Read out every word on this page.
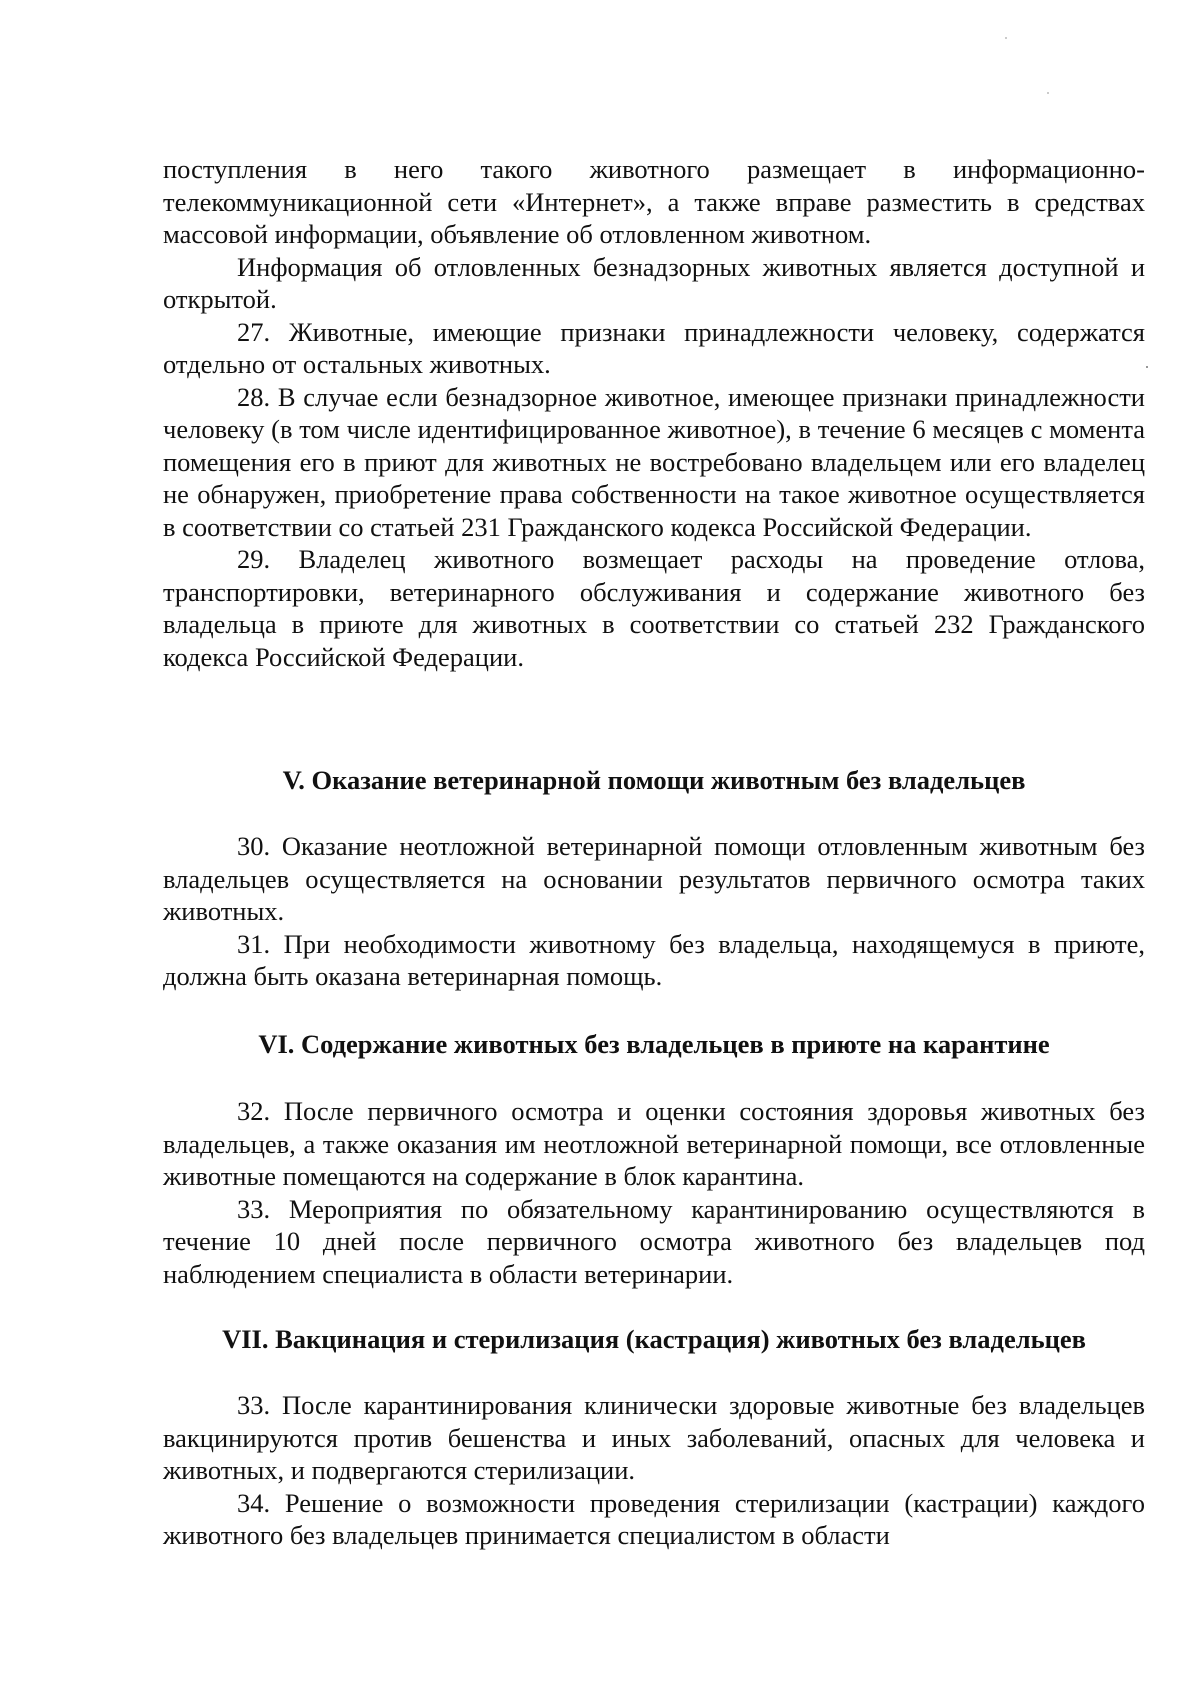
поступления в него такого животного размещает в информационно-телекоммуникационной сети «Интернет», а также вправе разместить в средствах массовой информации, объявление об отловленном животном.

Информация об отловленных безнадзорных животных является доступной и открытой.

27. Животные, имеющие признаки принадлежности человеку, содержатся отдельно от остальных животных.

28. В случае если безнадзорное животное, имеющее признаки принадлежности человеку (в том числе идентифицированное животное), в течение 6 месяцев с момента помещения его в приют для животных не востребовано владельцем или его владелец не обнаружен, приобретение права собственности на такое животное осуществляется в соответствии со статьей 231 Гражданского кодекса Российской Федерации.

29. Владелец животного возмещает расходы на проведение отлова, транспортировки, ветеринарного обслуживания и содержание животного без владельца в приюте для животных в соответствии со статьей 232 Гражданского кодекса Российской Федерации.

V. Оказание ветеринарной помощи животным без владельцев

30. Оказание неотложной ветеринарной помощи отловленным животным без владельцев осуществляется на основании результатов первичного осмотра таких животных.

31. При необходимости животному без владельца, находящемуся в приюте, должна быть оказана ветеринарная помощь.

VI. Содержание животных без владельцев в приюте на карантине

32. После первичного осмотра и оценки состояния здоровья животных без владельцев, а также оказания им неотложной ветеринарной помощи, все отловленные животные помещаются на содержание в блок карантина.

33. Мероприятия по обязательному карантинированию осуществляются в течение 10 дней после первичного осмотра животного без владельцев под наблюдением специалиста в области ветеринарии.

VII. Вакцинация и стерилизация (кастрация) животных без владельцев

33. После карантинирования клинически здоровые животные без владельцев вакцинируются против бешенства и иных заболеваний, опасных для человека и животных, и подвергаются стерилизации.

34. Решение о возможности проведения стерилизации (кастрации) каждого животного без владельцев принимается специалистом в области
